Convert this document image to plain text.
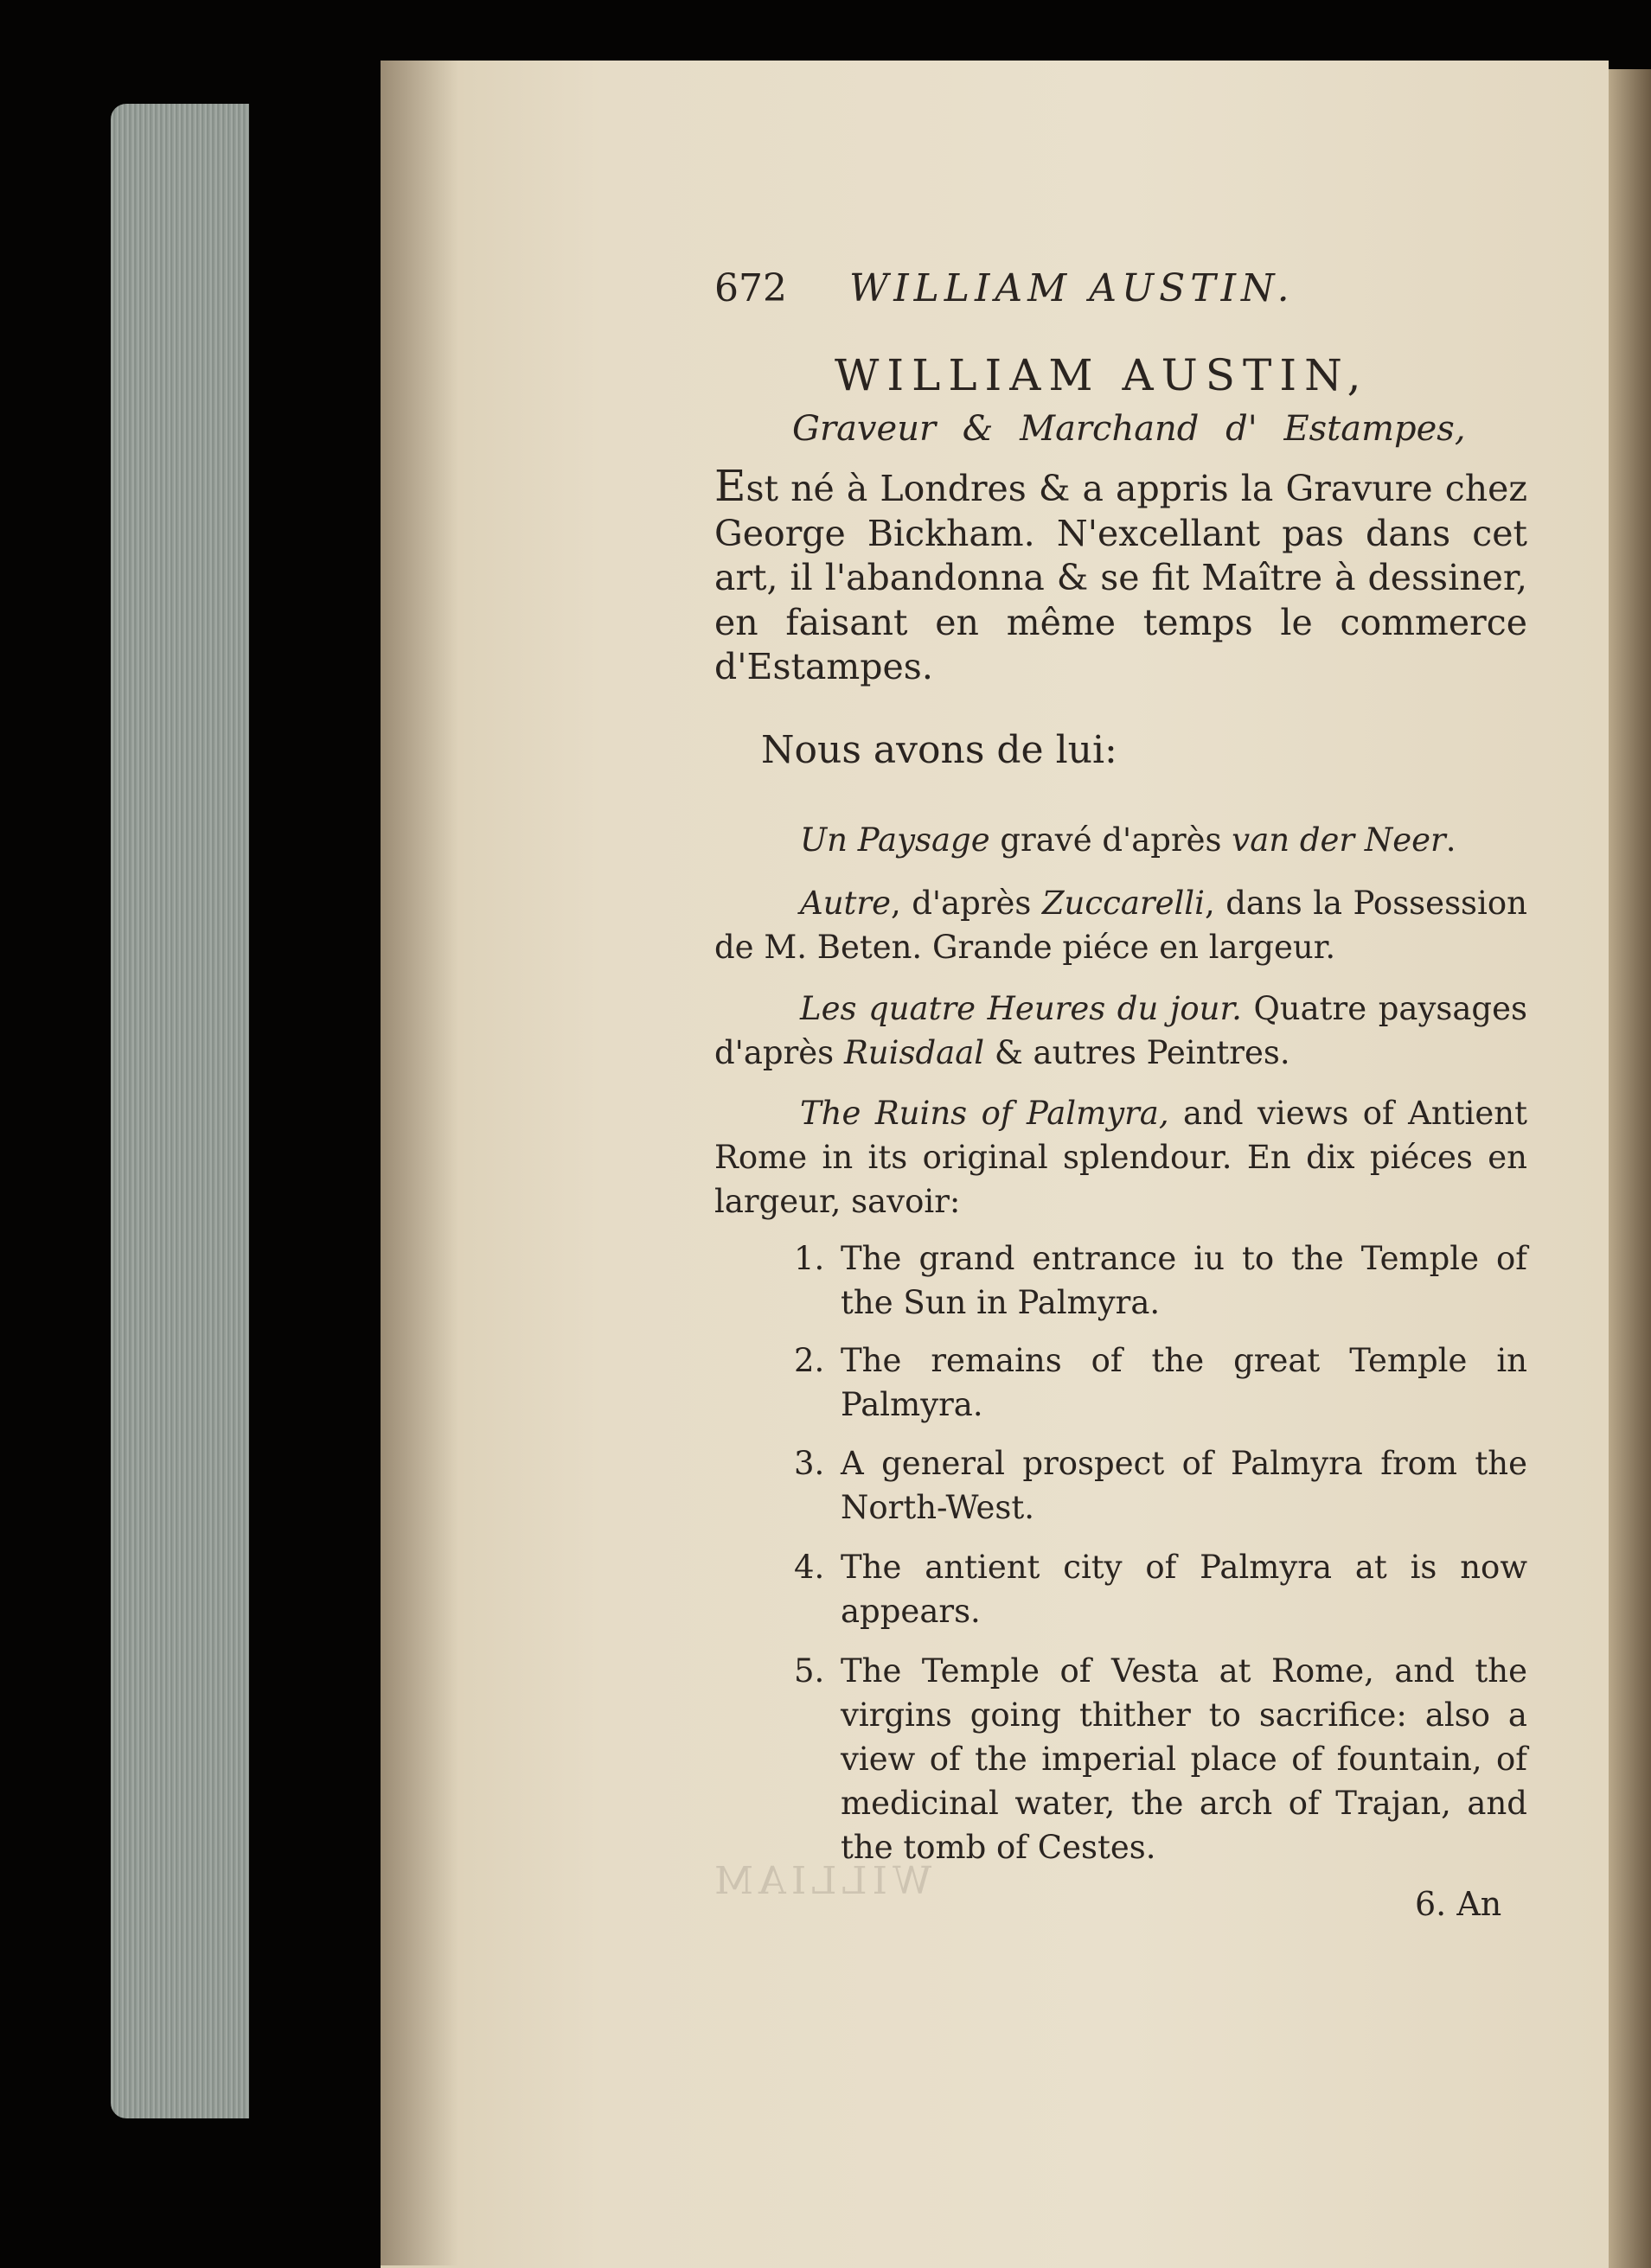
WILLIAM
672 WILLIAM AUSTIN.
WILLIAM AUSTIN,
Graveur & Marchand d' Estampes,
Est né à Londres & a appris la Gravure chez George Bickham. N'excellant pas dans cet art, il l'abandonna & se fit Maître à dessiner, en faisant en même temps le commerce d'Estampes.
Nous avons de lui:
Un Paysage gravé d'après van der Neer.
Autre, d'après Zuccarelli, dans la Possession de M. Beten. Grande piéce en largeur.
Les quatre Heures du jour. Quatre paysages d'après Ruisdaal & autres Peintres.
The Ruins of Palmyra, and views of Antient Rome in its original splendour. En dix piéces en largeur, savoir:
1. The grand entrance iu to the Temple of the Sun in Palmyra.
2. The remains of the great Temple in Palmyra.
3. A general prospect of Palmyra from the North-West.
4. The antient city of Palmyra at is now appears.
5. The Temple of Vesta at Rome, and the virgins going thither to sacrifice: also a view of the imperial place of fountain, of medicinal water, the arch of Trajan, and the tomb of Cestes.
6. An
